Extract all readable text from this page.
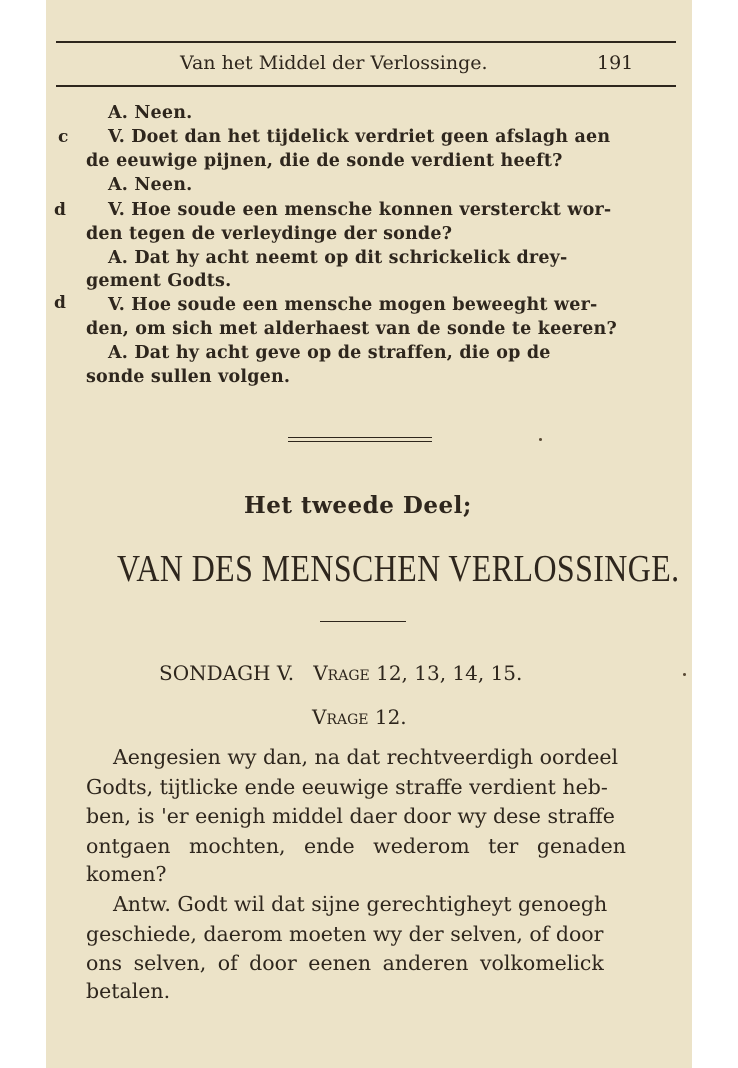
Van het Middel der Verlossinge.	191
A. Neen.
c V. Doet dan het tijdelick verdriet geen afslagh aen
de eeuwige pijnen, die de sonde verdient heeft?
A. Neen.
d V. Hoe soude een mensche konnen versterckt wor-
den tegen de verleydinge der sonde?
A. Dat hy acht neemt op dit schrickelick drey-
gement Godts.
d V. Hoe soude een mensche mogen beweeght wer-
den, om sich met alderhaest van de sonde te keeren?
A. Dat hy acht geve op de straffen, die op de
sonde sullen volgen.
Het tweede Deel;
VAN DES MENSCHEN VERLOSSINGE.
SONDAGH V. Vrage 12, 13, 14, 15.
Vrage 12.
Aengesien wy dan, na dat rechtveerdigh oordeel
Godts, tijtlicke ende eeuwige straffe verdient heb-
ben, is 'er eenigh middel daer door wy dese straffe
ontgaen mochten, ende wederom ter genaden
komen?
Antw. Godt wil dat sijne gerechtigheyt genoegh
geschiede, daerom moeten wy der selven, of door
ons selven, of door eenen anderen volkomelick
betalen.
